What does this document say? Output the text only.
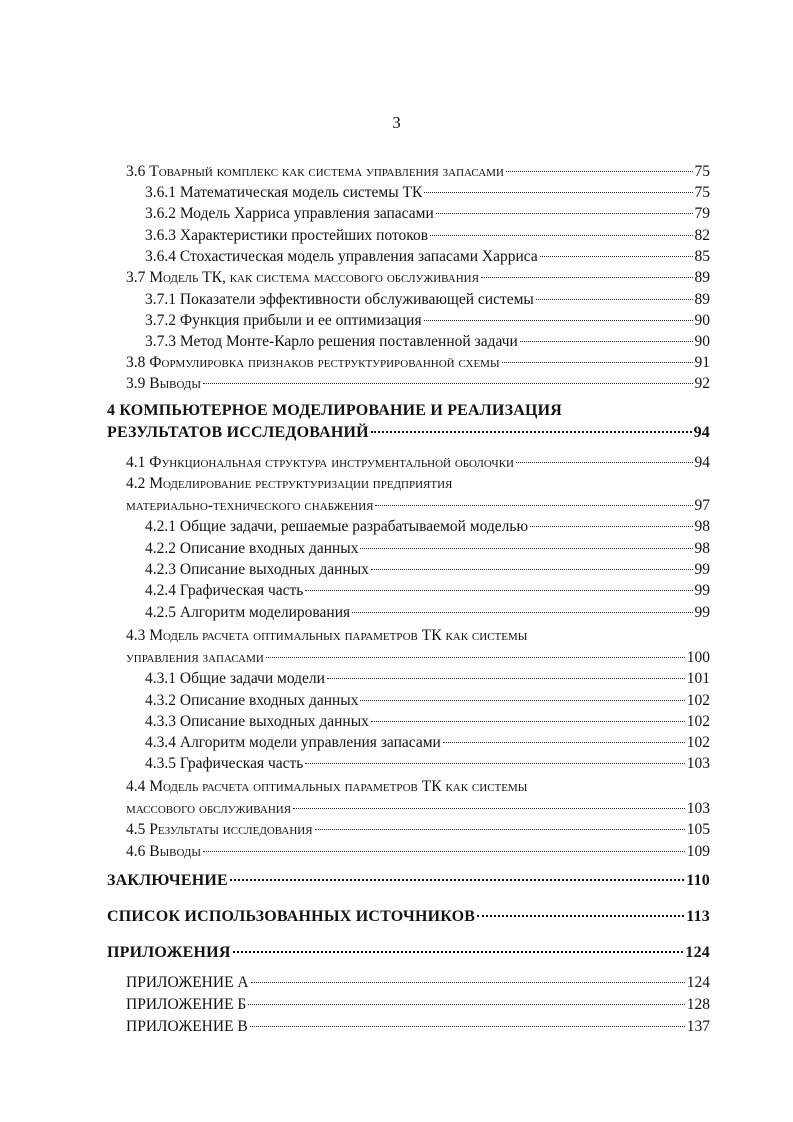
3
3.6 Товарный комплекс как система управления запасами	75
3.6.1 Математическая модель системы ТК	75
3.6.2 Модель Харриса управления запасами	79
3.6.3 Характеристики простейших потоков	82
3.6.4 Стохастическая модель управления запасами Харриса	85
3.7 Модель ТК, как система массового обслуживания	89
3.7.1 Показатели эффективности обслуживающей системы	89
3.7.2 Функция прибыли и ее оптимизация	90
3.7.3 Метод Монте-Карло решения поставленной задачи	90
3.8 Формулировка признаков реструктурированной схемы	91
3.9 Выводы	92
4 КОМПЬЮТЕРНОЕ МОДЕЛИРОВАНИЕ И РЕАЛИЗАЦИЯ
РЕЗУЛЬТАТОВ ИССЛЕДОВАНИЙ	94
4.1 Функциональная структура инструментальной оболочки	94
4.2 Моделирование реструктуризации предприятия
материально-технического снабжения	97
4.2.1 Общие задачи, решаемые разрабатываемой моделью	98
4.2.2 Описание входных данных	98
4.2.3 Описание выходных данных	99
4.2.4 Графическая часть	99
4.2.5 Алгоритм моделирования	99
4.3 Модель расчета оптимальных параметров ТК как системы
управления запасами	100
4.3.1 Общие задачи модели	101
4.3.2 Описание входных данных	102
4.3.3 Описание выходных данных	102
4.3.4 Алгоритм модели управления запасами	102
4.3.5 Графическая часть	103
4.4 Модель расчета оптимальных параметров ТК как системы
массового обслуживания	103
4.5 Результаты исследования	105
4.6 Выводы	109
ЗАКЛЮЧЕНИЕ	110
СПИСОК ИСПОЛЬЗОВАННЫХ ИСТОЧНИКОВ	113
ПРИЛОЖЕНИЯ	124
ПРИЛОЖЕНИЕ А	124
ПРИЛОЖЕНИЕ Б	128
ПРИЛОЖЕНИЕ В	137
